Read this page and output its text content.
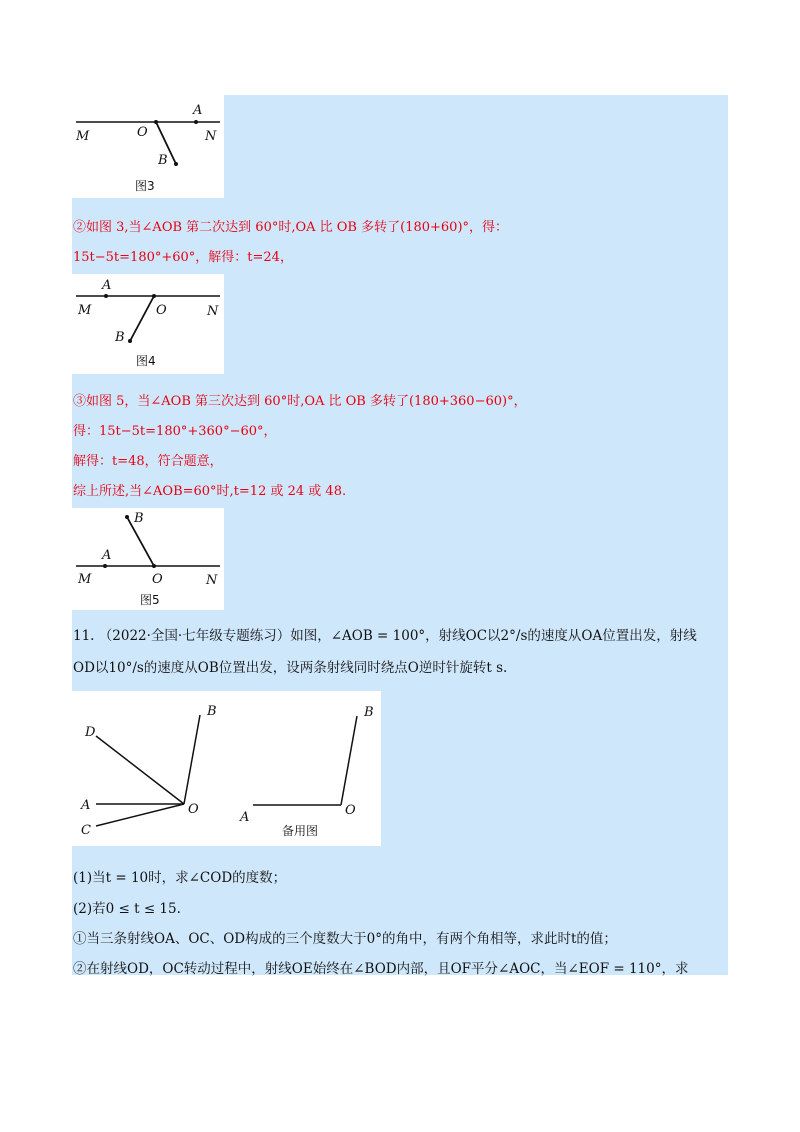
M	O	N
A
B
图3
②如图 3,当∠AOB 第二次达到 60°时,OA 比 OB 多转了(180+60)°，得：
15t−5t=180°+60°，解得：t=24，
M	O	N
A
B
图4
③如图 5，当∠AOB 第三次达到 60°时,OA 比 OB 多转了(180+360−60)°，
得：15t−5t=180°+360°−60°，
解得：t=48，符合题意，
综上所述,当∠AOB=60°时,t=12 或 24 或 48.
M	O	N
A
B
图5
11. （2022·全国·七年级专题练习）如图，∠AOB = 100°，射线OC以2°/s的速度从OA位置出发，射线
OD以10°/s的速度从OB位置出发，设两条射线同时绕点O逆时针旋转t s.
D
B
A
C
O
B
A	O
备用图
(1)当t = 10时，求∠COD的度数；
(2)若0 ≤ t ≤ 15.
①当三条射线OA、OC、OD构成的三个度数大于0°的角中，有两个角相等，求此时t的值；
②在射线OD，OC转动过程中，射线OE始终在∠BOD内部，且OF平分∠AOC，当∠EOF = 110°，求
